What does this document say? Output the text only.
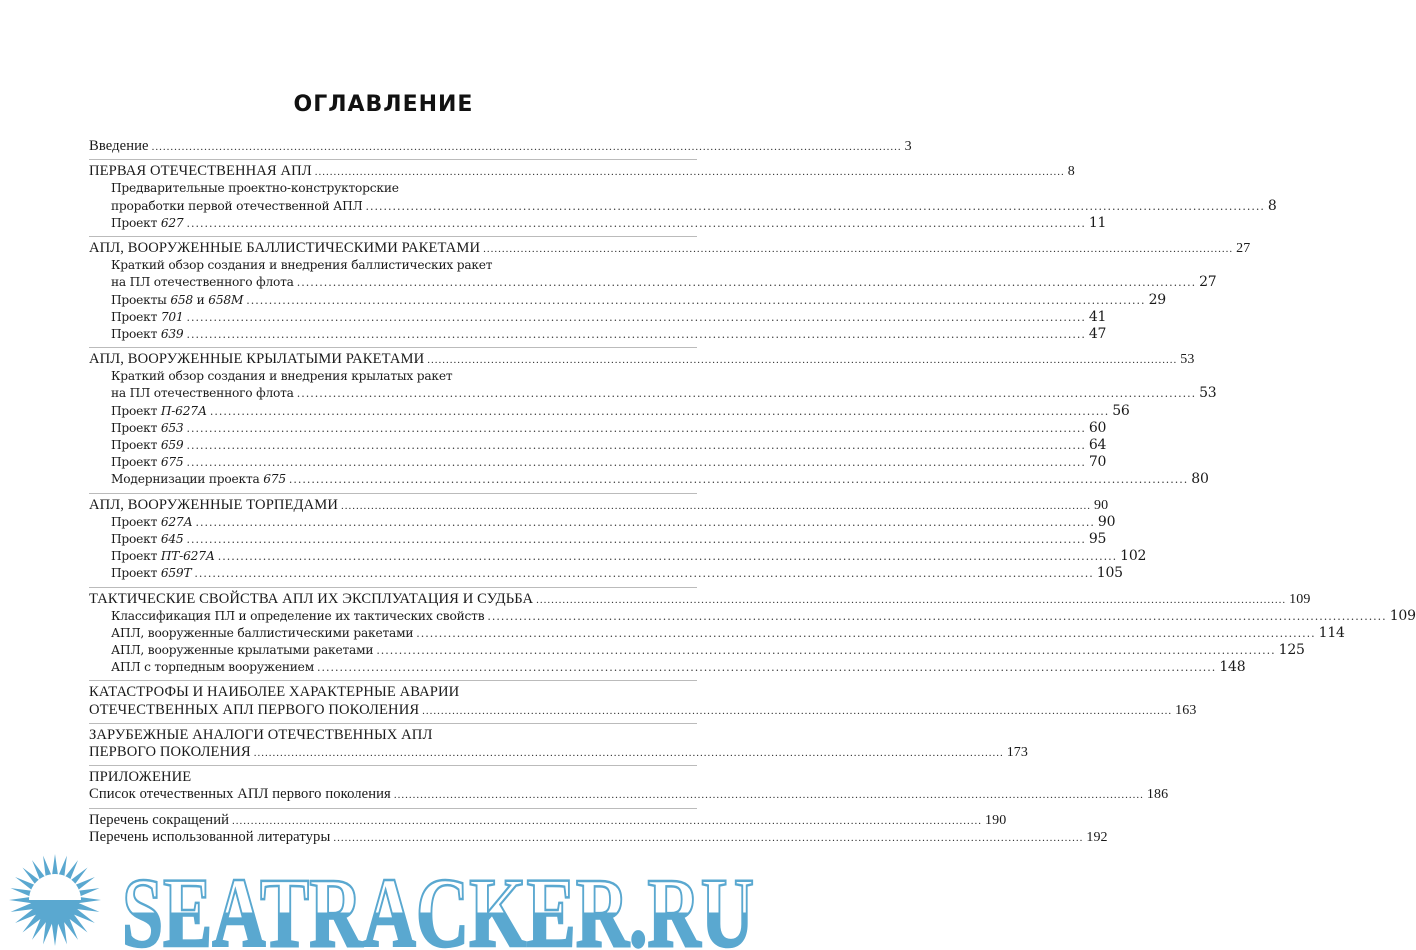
ОГЛАВЛЕНИЕ
Введение .....	3
ПЕРВАЯ ОТЕЧЕСТВЕННАЯ АПЛ .....	8
Предварительные проектно-конструкторские
проработки первой отечественной АПЛ .....	8
Проект 627 .....	11
АПЛ, ВООРУЖЕННЫЕ БАЛЛИСТИЧЕСКИМИ РАКЕТАМИ .....	27
Краткий обзор создания и внедрения баллистических ракет
на ПЛ отечественного флота .....	27
Проекты 658 и 658М .....	29
Проект 701 .....	41
Проект 639 .....	47
АПЛ, ВООРУЖЕННЫЕ КРЫЛАТЫМИ РАКЕТАМИ .....	53
Краткий обзор создания и внедрения крылатых ракет
на ПЛ отечественного флота .....	53
Проект П-627А .....	56
Проект 653 .....	60
Проект 659 .....	64
Проект 675 .....	70
Модернизации проекта 675 .....	80
АПЛ, ВООРУЖЕННЫЕ ТОРПЕДАМИ .....	90
Проект 627А .....	90
Проект 645 .....	95
Проект ПТ-627А .....	102
Проект 659Т .....	105
ТАКТИЧЕСКИЕ СВОЙСТВА АПЛ ИХ ЭКСПЛУАТАЦИЯ И СУДЬБА .....	109
Классификация ПЛ и определение их тактических свойств .....	109
АПЛ, вооруженные баллистическими ракетами .....	114
АПЛ, вооруженные крылатыми ракетами .....	125
АПЛ с торпедным вооружением .....	148
КАТАСТРОФЫ И НАИБОЛЕЕ ХАРАКТЕРНЫЕ АВАРИИ
ОТЕЧЕСТВЕННЫХ АПЛ ПЕРВОГО ПОКОЛЕНИЯ .....	163
ЗАРУБЕЖНЫЕ АНАЛОГИ ОТЕЧЕСТВЕННЫХ АПЛ
ПЕРВОГО ПОКОЛЕНИЯ .....	173
ПРИЛОЖЕНИЕ
Список отечественных АПЛ первого поколения .....	186
Перечень сокращений .....	190
Перечень использованной литературы .....	192
SEATRACKER.RU
